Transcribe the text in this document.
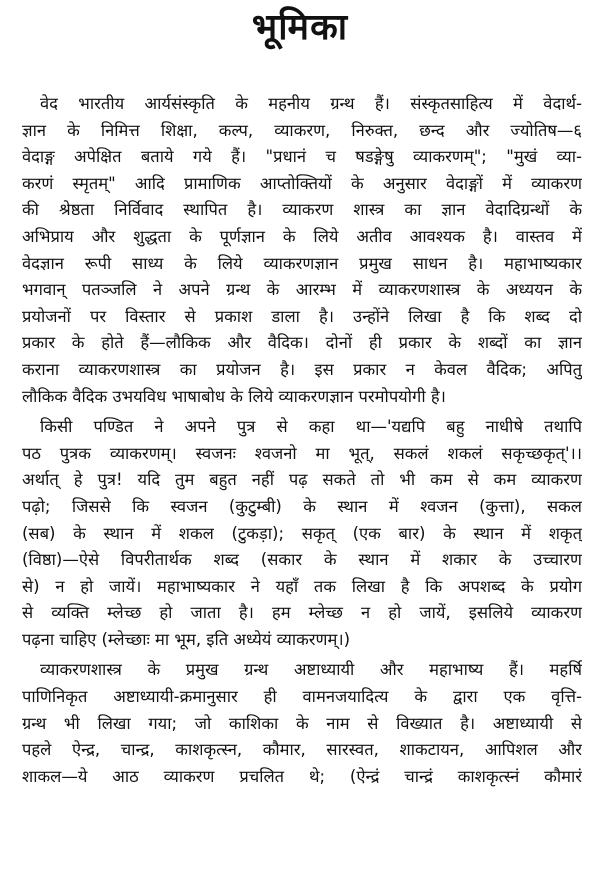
भूमिका
वेद भारतीय आर्यसंस्कृति के महनीय ग्रन्थ हैं। संस्कृतसाहित्य में वेदार्थ-
ज्ञान के निमित्त शिक्षा, कल्प, व्याकरण, निरुक्त, छन्द और ज्योतिष—६
वेदाङ्ग अपेक्षित बताये गये हैं। "प्रधानं च षडङ्गेषु व्याकरणम्"; "मुखं व्या-
करणं स्मृतम्" आदि प्रामाणिक आप्तोक्तियों के अनुसार वेदाङ्गों में व्याकरण
की श्रेष्ठता निर्विवाद स्थापित है। व्याकरण शास्त्र का ज्ञान वेदादिग्रन्थों के
अभिप्राय और शुद्धता के पूर्णज्ञान के लिये अतीव आवश्यक है। वास्तव में
वेदज्ञान रूपी साध्य के लिये व्याकरणज्ञान प्रमुख साधन है। महाभाष्यकार
भगवान् पतञ्जलि ने अपने ग्रन्थ के आरम्भ में व्याकरणशास्त्र के अध्ययन के
प्रयोजनों पर विस्तार से प्रकाश डाला है। उन्होंने लिखा है कि शब्द दो
प्रकार के होते हैं—लौकिक और वैदिक। दोनों ही प्रकार के शब्दों का ज्ञान
कराना व्याकरणशास्त्र का प्रयोजन है। इस प्रकार न केवल वैदिक; अपितु
लौकिक वैदिक उभयविध भाषाबोध के लिये व्याकरणज्ञान परमोपयोगी है।
किसी पण्डित ने अपने पुत्र से कहा था—'यद्यपि बहु नाधीषे तथापि
पठ पुत्रक व्याकरणम्। स्वजनः श्वजनो मा भूत्, सकलं शकलं सकृच्छकृत्'।।
अर्थात् हे पुत्र! यदि तुम बहुत नहीं पढ़ सकते तो भी कम से कम व्याकरण
पढ़ो; जिससे कि स्वजन (कुटुम्बी) के स्थान में श्वजन (कुत्ता), सकल
(सब) के स्थान में शकल (टुकड़ा); सकृत् (एक बार) के स्थान में शकृत्
(विष्ठा)—ऐसे विपरीतार्थक शब्द (सकार के स्थान में शकार के उच्चारण
से) न हो जायें। महाभाष्यकार ने यहाँ तक लिखा है कि अपशब्द के प्रयोग
से व्यक्ति म्लेच्छ हो जाता है। हम म्लेच्छ न हो जायें, इसलिये व्याकरण
पढ़ना चाहिए (म्लेच्छाः मा भूम, इति अध्येयं व्याकरणम्।)
व्याकरणशास्त्र के प्रमुख ग्रन्थ अष्टाध्यायी और महाभाष्य हैं। महर्षि
पाणिनिकृत अष्टाध्यायी-क्रमानुसार ही वामनजयादित्य के द्वारा एक वृत्ति-
ग्रन्थ भी लिखा गया; जो काशिका के नाम से विख्यात है। अष्टाध्यायी से
पहले ऐन्द्र, चान्द्र, काशकृत्स्न, कौमार, सारस्वत, शाकटायन, आपिशल और
शाकल—ये आठ व्याकरण प्रचलित थे; (ऐन्द्रं चान्द्रं काशकृत्स्नं कौमारं
